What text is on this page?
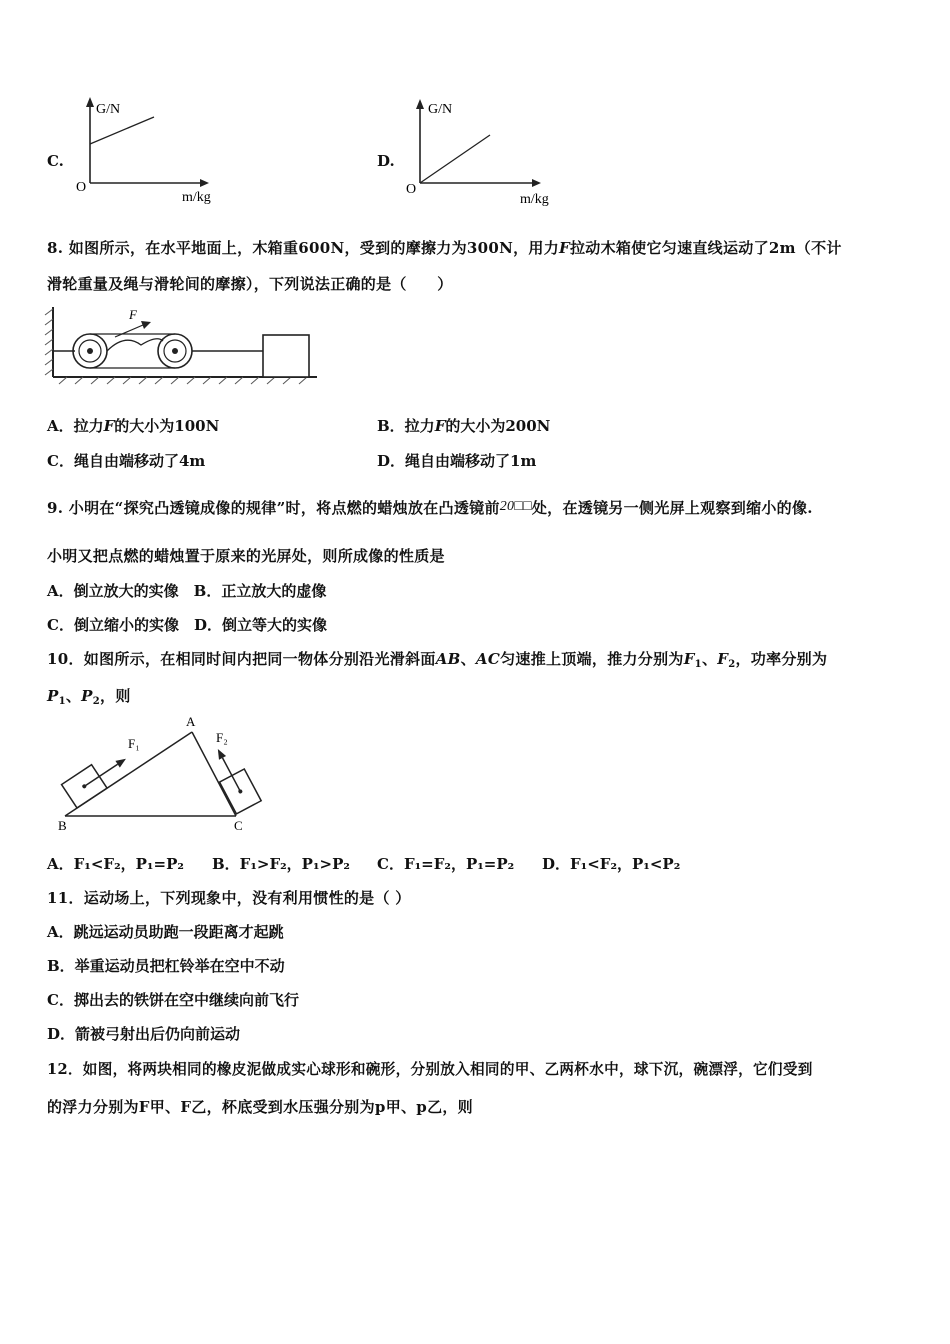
C.
G/N
O
m/kg
D.
G/N
O
m/kg
8. 如图所示，在水平地面上，木箱重600N，受到的摩擦力为300N，用力F拉动木箱使它匀速直线运动了2m（不计
滑轮重量及绳与滑轮间的摩擦），下列说法正确的是（　　）
F
A．拉力F的大小为100N	B．拉力F的大小为200N
C．绳自由端移动了4m	D．绳自由端移动了1m
9. 小明在“探究凸透镜成像的规律”时，将点燃的蜡烛放在凸透镜前20□□处，在透镜另一侧光屏上观察到缩小的像.
小明又把点燃的蜡烛置于原来的光屏处，则所成像的性质是
A．倒立放大的实像　B．正立放大的虚像
C．倒立缩小的实像　D．倒立等大的实像
10．如图所示，在相同时间内把同一物体分别沿光滑斜面AB、AC匀速推上顶端，推力分别为$F_1$、$F_2$，功率分别为
$P_1$、$P_2$，则
A
B	C
F₁	F₂
A．F₁<F₂，P₁=P₂ B．F₁>F₂，P₁>P₂ C．F₁=F₂，P₁=P₂ D．F₁<F₂，P₁<P₂
11．运动场上，下列现象中，没有利用惯性的是（ ）
A．跳远运动员助跑一段距离才起跳
B．举重运动员把杠铃举在空中不动
C．掷出去的铁饼在空中继续向前飞行
D．箭被弓射出后仍向前运动
12．如图，将两块相同的橡皮泥做成实心球形和碗形，分别放入相同的甲、乙两杯水中，球下沉，碗漂浮，它们受到
的浮力分别为F甲、F乙，杯底受到水压强分别为p甲、p乙，则
